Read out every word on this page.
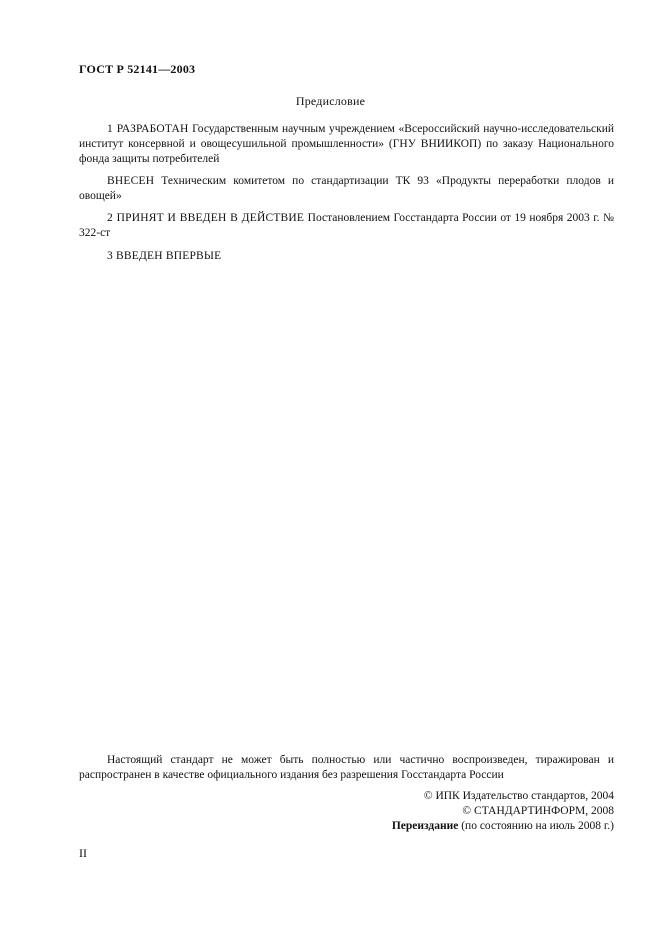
ГОСТ Р 52141—2003
Предисловие
1 РАЗРАБОТАН Государственным научным учреждением «Всероссийский научно-исследовательский институт консервной и овощесушильной промышленности» (ГНУ ВНИИКОП) по заказу Национального фонда защиты потребителей
ВНЕСЕН Техническим комитетом по стандартизации ТК 93 «Продукты переработки плодов и овощей»
2 ПРИНЯТ И ВВЕДЕН В ДЕЙСТВИЕ Постановлением Госстандарта России от 19 ноября 2003 г. № 322-ст
3 ВВЕДЕН ВПЕРВЫЕ
Настоящий стандарт не может быть полностью или частично воспроизведен, тиражирован и распространен в качестве официального издания без разрешения Госстандарта России
© ИПК Издательство стандартов, 2004
© СТАНДАРТИНФОРМ, 2008
Переиздание (по состоянию на июль 2008 г.)
II
